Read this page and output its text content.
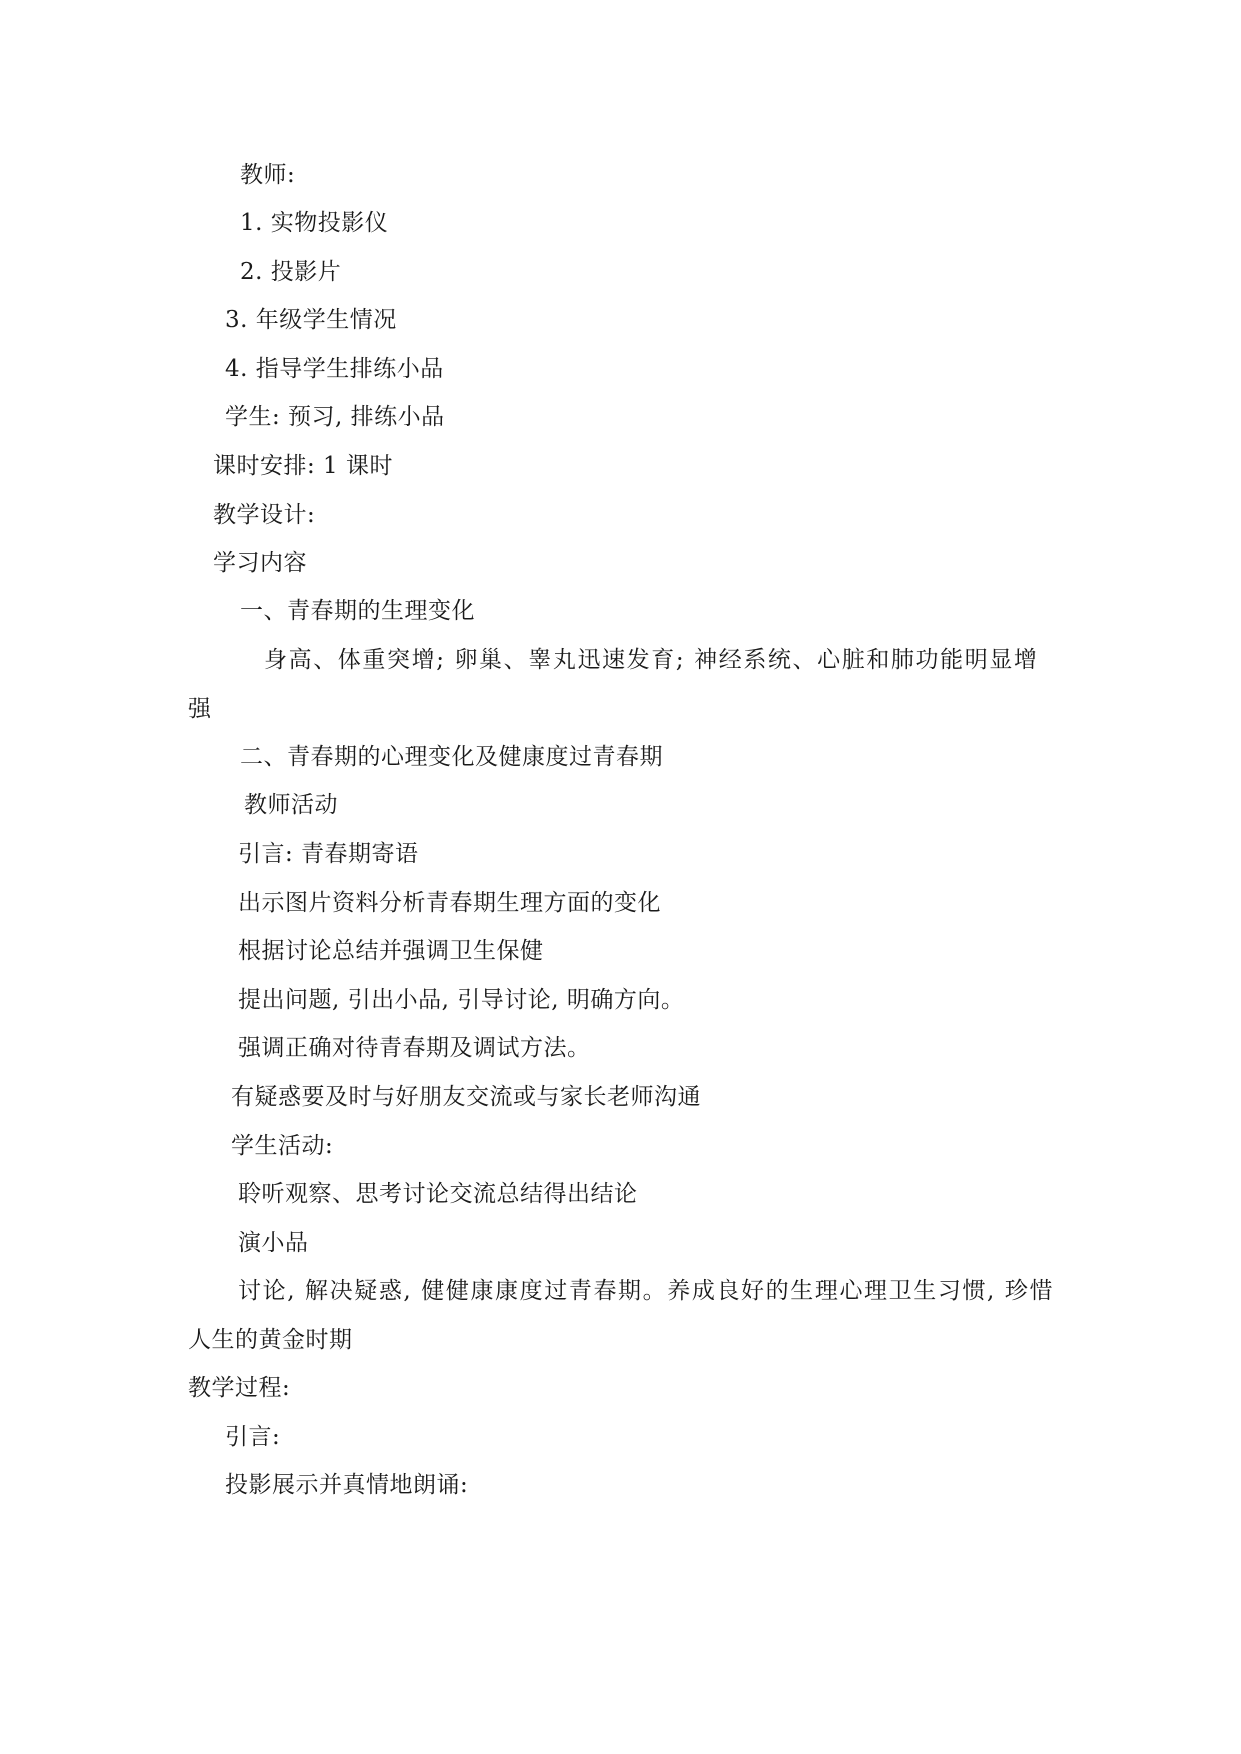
教师:
1. 实物投影仪
2. 投影片
3. 年级学生情况
4. 指导学生排练小品
学生: 预习, 排练小品
课时安排: 1 课时
教学设计:
学习内容
一、青春期的生理变化
身高、体重突增; 卵巢、睾丸迅速发育; 神经系统、心脏和肺功能明显增
强
二、青春期的心理变化及健康度过青春期
教师活动
引言: 青春期寄语
出示图片资料分析青春期生理方面的变化
根据讨论总结并强调卫生保健
提出问题, 引出小品, 引导讨论, 明确方向。
强调正确对待青春期及调试方法。
有疑惑要及时与好朋友交流或与家长老师沟通
学生活动:
聆听观察、思考讨论交流总结得出结论
演小品
讨论, 解决疑惑, 健健康康度过青春期。养成良好的生理心理卫生习惯, 珍惜
人生的黄金时期
教学过程:
引言:
投影展示并真情地朗诵:
